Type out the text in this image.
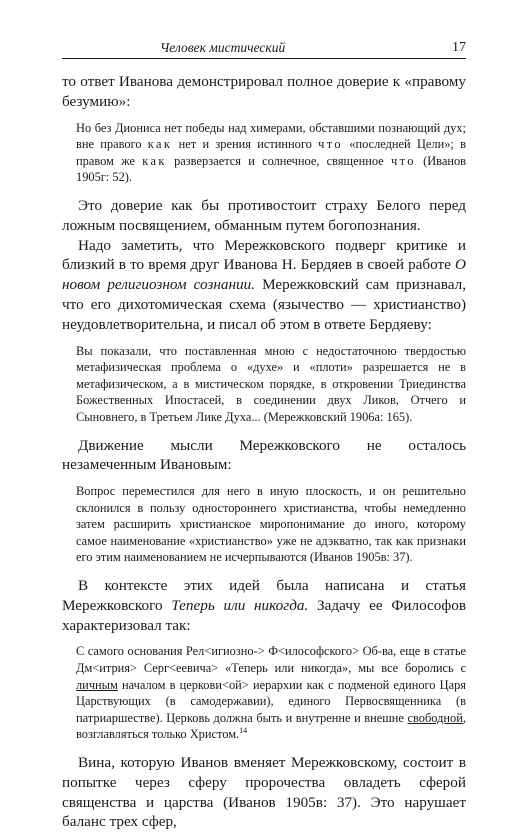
Человек мистический	17

то ответ Иванова демонстрировал полное доверие к «правому безумию»:

Но без Диониса нет победы над химерами, обставшими познающий дух; вне правого как нет и зрения истинного что «последней Цели»; в правом же как разверзается и солнечное, священное что (Иванов 1905г: 52).

Это доверие как бы противостоит страху Белого перед ложным посвящением, обманным путем богопознания.

Надо заметить, что Мережковского подверг критике и близкий в то время друг Иванова Н. Бердяев в своей работе О новом религиозном сознании. Мережковский сам признавал, что его дихотомическая схема (язычество — христианство) неудовлетворительна, и писал об этом в ответе Бердяеву:

Вы показали, что поставленная мною с недостаточною твердостью метафизическая проблема о «духе» и «плоти» разрешается не в метафизическом, а в мистическом порядке, в откровении Триединства Божественных Ипостасей, в соединении двух Ликов, Отчего и Сыновнего, в Третьем Лике Духа... (Мережковский 1906а: 165).

Движение мысли Мережковского не осталось незамеченным Ивановым:

Вопрос переместился для него в иную плоскость, и он решительно склонился в пользу одностороннего христианства, чтобы немедленно затем расширить христианское миропонимание до иного, которому самое наименование «христианство» уже не адэкватно, так как признаки его этим наименованием не исчерпываются (Иванов 1905в: 37).

В контексте этих идей была написана и статья Мережковского Теперь или никогда. Задачу ее Философов характеризовал так:

С самого основания Рел<игиозно-> Ф<илософского> Об-ва, еще в статье Дм<итрия> Серг<еевича> «Теперь или никогда», мы все боролись с личным началом в церкови<ой> иерархии как с подменой единого Царя Царствующих (в самодержавии), единого Первосвященника (в патриаршестве). Церковь должна быть и внутренне и внешне свободной, возглавляться только Христом.$^{14}$

Вина, которую Иванов вменяет Мережковскому, состоит в попытке через сферу пророчества овладеть сферой священства и царства (Иванов 1905в: 37). Это нарушает баланс трех сфер,
